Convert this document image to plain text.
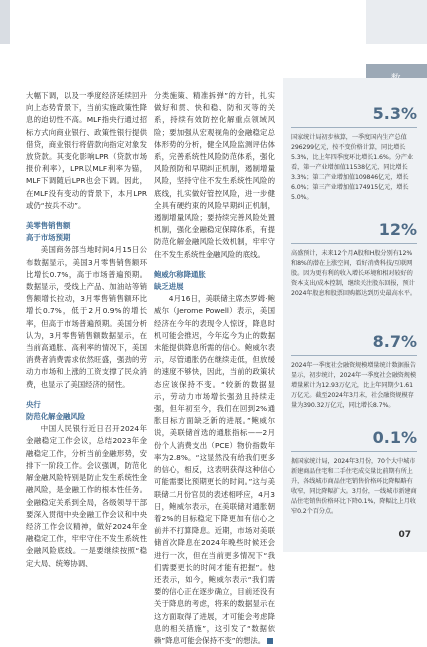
5.3%
国家统计局初步核算，一季度国内生产总值296299亿元，按不变价格计算，同比增长5.3%，比上年四季度环比增长1.6%。分产业看，第一产业增加值11538亿元，同比增长3.3%；第二产业增加值109846亿元，增长6.0%；第三产业增加值174915亿元，增长5.0%。
12%
高盛预计，未来12个月A股和H股分别有12%和8%的潜在上涨空间，看好消费科技/互联网股。因为更有利的收入增长环境和相对较好的资本支出/成本控制，继续关注股东回报，预计2024年股息和股票回购都达到历史最高水平。
8.7%
2024年一季度社会融资规模增量统计数据报告显示，初步统计，2024年一季度社会融资规模增量累计为12.93万亿元，比上年同期少1.61万亿元。截至2024年3月末，社会融资规模存量为390.32万亿元，同比增长8.7%。
0.1%
据国家统计局，2024年3月份，70个大中城市新建商品住宅和二手住宅成交量比前期有所上升，各线城市商品住宅销售价格环比降幅略有收窄，同比降幅扩大。3月份，一线城市新建商品住宅销售价格环比下降0.1%，降幅比上月收窄0.2个百分点。

大幅下调，以及一季度经济延续回升向上态势背景下，当前实施政策性降息的迫切性不高。MLF指央行通过招标方式向商业银行、政策性银行提供借贷，商业银行将借款向指定对象发放贷款。其变化影响LPR（贷款市场报价利率），LPR以MLF利率为锚，MLF下调随后LPR也会下调。因此，在MLF没有变动的背景下，本月LPR或仍“按兵不动”。

美零售销售额
高于市场预期

美国商务部当地时间4月15日公布数据显示，美国3月零售销售额环比增长0.7%，高于市场普遍预期。数据显示，受线上产品、加油站等销售额增长拉动，3月零售销售额环比增长0.7%，低于2月0.9%的增长率，但高于市场普遍预期。美国分析认为，3月零售销售额数据显示，在当前高通胀、高利率的情况下，美国消费者消费需求依然旺盛，强劲的劳动力市场和上涨的工资支撑了民众消费，也显示了美国经济的韧性。

央行
防范化解金融风险

中国人民银行近日召开2024年金融稳定工作会议，总结2023年金融稳定工作，分析当前金融形势，安排下一阶段工作。会议强调，防范化解金融风险特别是防止发生系统性金融风险，是金融工作的根本性任务。金融稳定关系到全局，各级领导干部要深入贯彻中央金融工作会议和中央经济工作会议精神，做好2024年金融稳定工作，牢牢守住不发生系统性金融风险底线。一是要继续按照“稳定大局、统筹协调、

分类施策、精准拆弹”的方针，扎实做好和贯、快和稳、防和灭等的关系，持续有效防控化解重点领域风险；要加强从宏观视角的金融稳定总体形势的分析，健全风险监测评估体系，完善系统性风险防范体系，强化风险预防和早期纠正机制，遏制增量风险，坚持守住不发生系统性风险的底线，扎实做好管控风险，进一步健全具有硬约束的风险早期纠正机制，遏制增量风险；要持续完善风险处置机制，强化金融稳定保障体系，有提防范化解金融风险长效机制，牢牢守住不发生系统性金融风险的底线。

鲍威尔称降通胀
缺乏进展

4月16日，美联储主席杰罗姆·鲍威尔（Jerome Powell）表示，美国经济在今年的表现令人惊讶，降息时机可能会推迟，今年迄今为止的数据未能提供降息所需的信心。鲍威尔表示，尽管通胀仍在继续走低，但放缓的速度不够快，因此，当前的政策状态应该保持不变。“较新的数据显示，劳动力市场增长强劲且持续走强，但年初至今，我们在回到2%通胀目标方面缺乏新的进展。”鲍威尔说，美联储首选的通胀指标——2月份个人消费支出（PCE）物价指数年率为2.8%。“这显然没有给我们更多的信心，相反，这表明获得这种信心可能需要比预期更长的时间。”这与美联储二月份官员的表述相呼应，4月3日，鲍威尔表示，在美联储对通胀朝着2%的目标稳定下降更加有信心之前并不打算降息。近期，市场对美联储首次降息在2024年晚些时候还会进行一次，但在当前更多情况下“我们需要更长的时间才能有把握”。他还表示，如今，鲍威尔表示“我们需要的信心正在逐步确立，目前还没有关于降息的考虑，将来的数据显示在这方面取得了进展，才可能会考虑降息的相关措施”，这引发了“数据依赖”降息可能会保持不变”的想法。

07
